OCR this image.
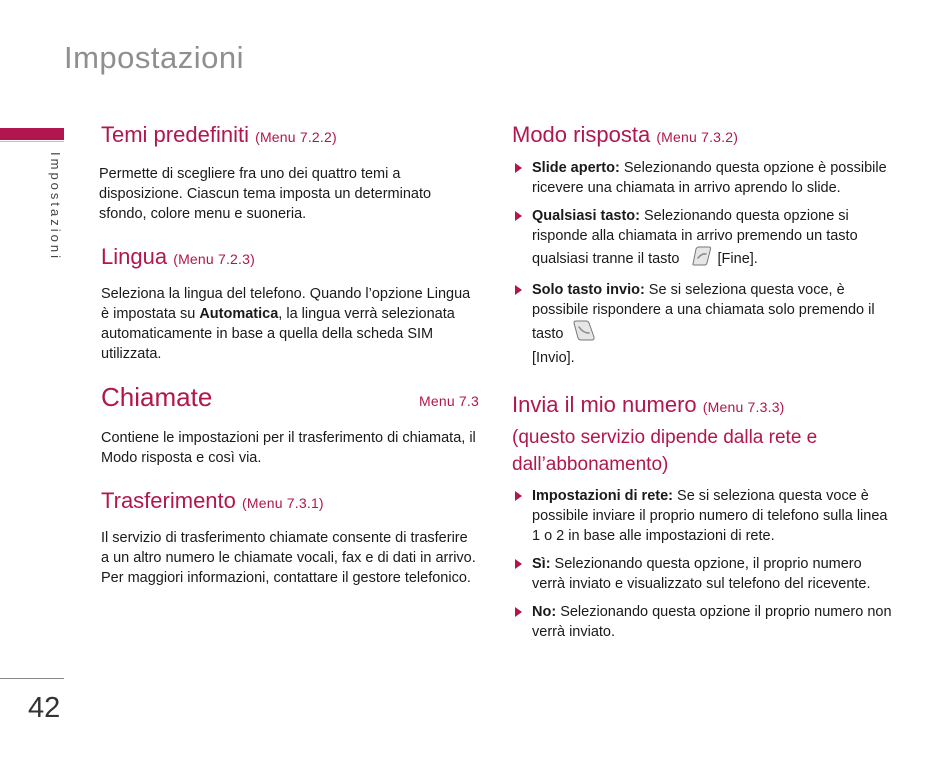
Impostazioni
Impostazioni
42
Temi predefiniti (Menu 7.2.2)

Permette di scegliere fra uno dei quattro temi a disposizione. Ciascun tema imposta un determinato sfondo, colore menu e suoneria.

Lingua (Menu 7.2.3)

Seleziona la lingua del telefono. Quando l’opzione Lingua è impostata su Automatica, la lingua verrà selezionata automaticamente in base a quella della scheda SIM utilizzata.

Chiamate	Menu 7.3

Contiene le impostazioni per il trasferimento di chiamata, il Modo risposta e così via.

Trasferimento (Menu 7.3.1)

Il servizio di trasferimento chiamate consente di trasferire a un altro numero le chiamate vocali, fax e di dati in arrivo. Per maggiori informazioni, contattare il gestore telefonico.

Modo risposta (Menu 7.3.2)
Slide aperto: Selezionando questa opzione è possibile ricevere una chiamata in arrivo aprendo lo slide.
Qualsiasi tasto: Selezionando questa opzione si risponde alla chiamata in arrivo premendo un tasto qualsiasi tranne il tasto	[Fine].
Solo tasto invio: Se si seleziona questa voce, è possibile rispondere a una chiamata solo premendo il tasto
[Invio].
Invia il mio numero (Menu 7.3.3)
(questo servizio dipende dalla rete e dall’abbonamento)
Impostazioni di rete: Se si seleziona questa voce è possibile inviare il proprio numero di telefono sulla linea 1 o 2 in base alle impostazioni di rete.
Sì: Selezionando questa opzione, il proprio numero verrà inviato e visualizzato sul telefono del ricevente.
No: Selezionando questa opzione il proprio numero non verrà inviato.
